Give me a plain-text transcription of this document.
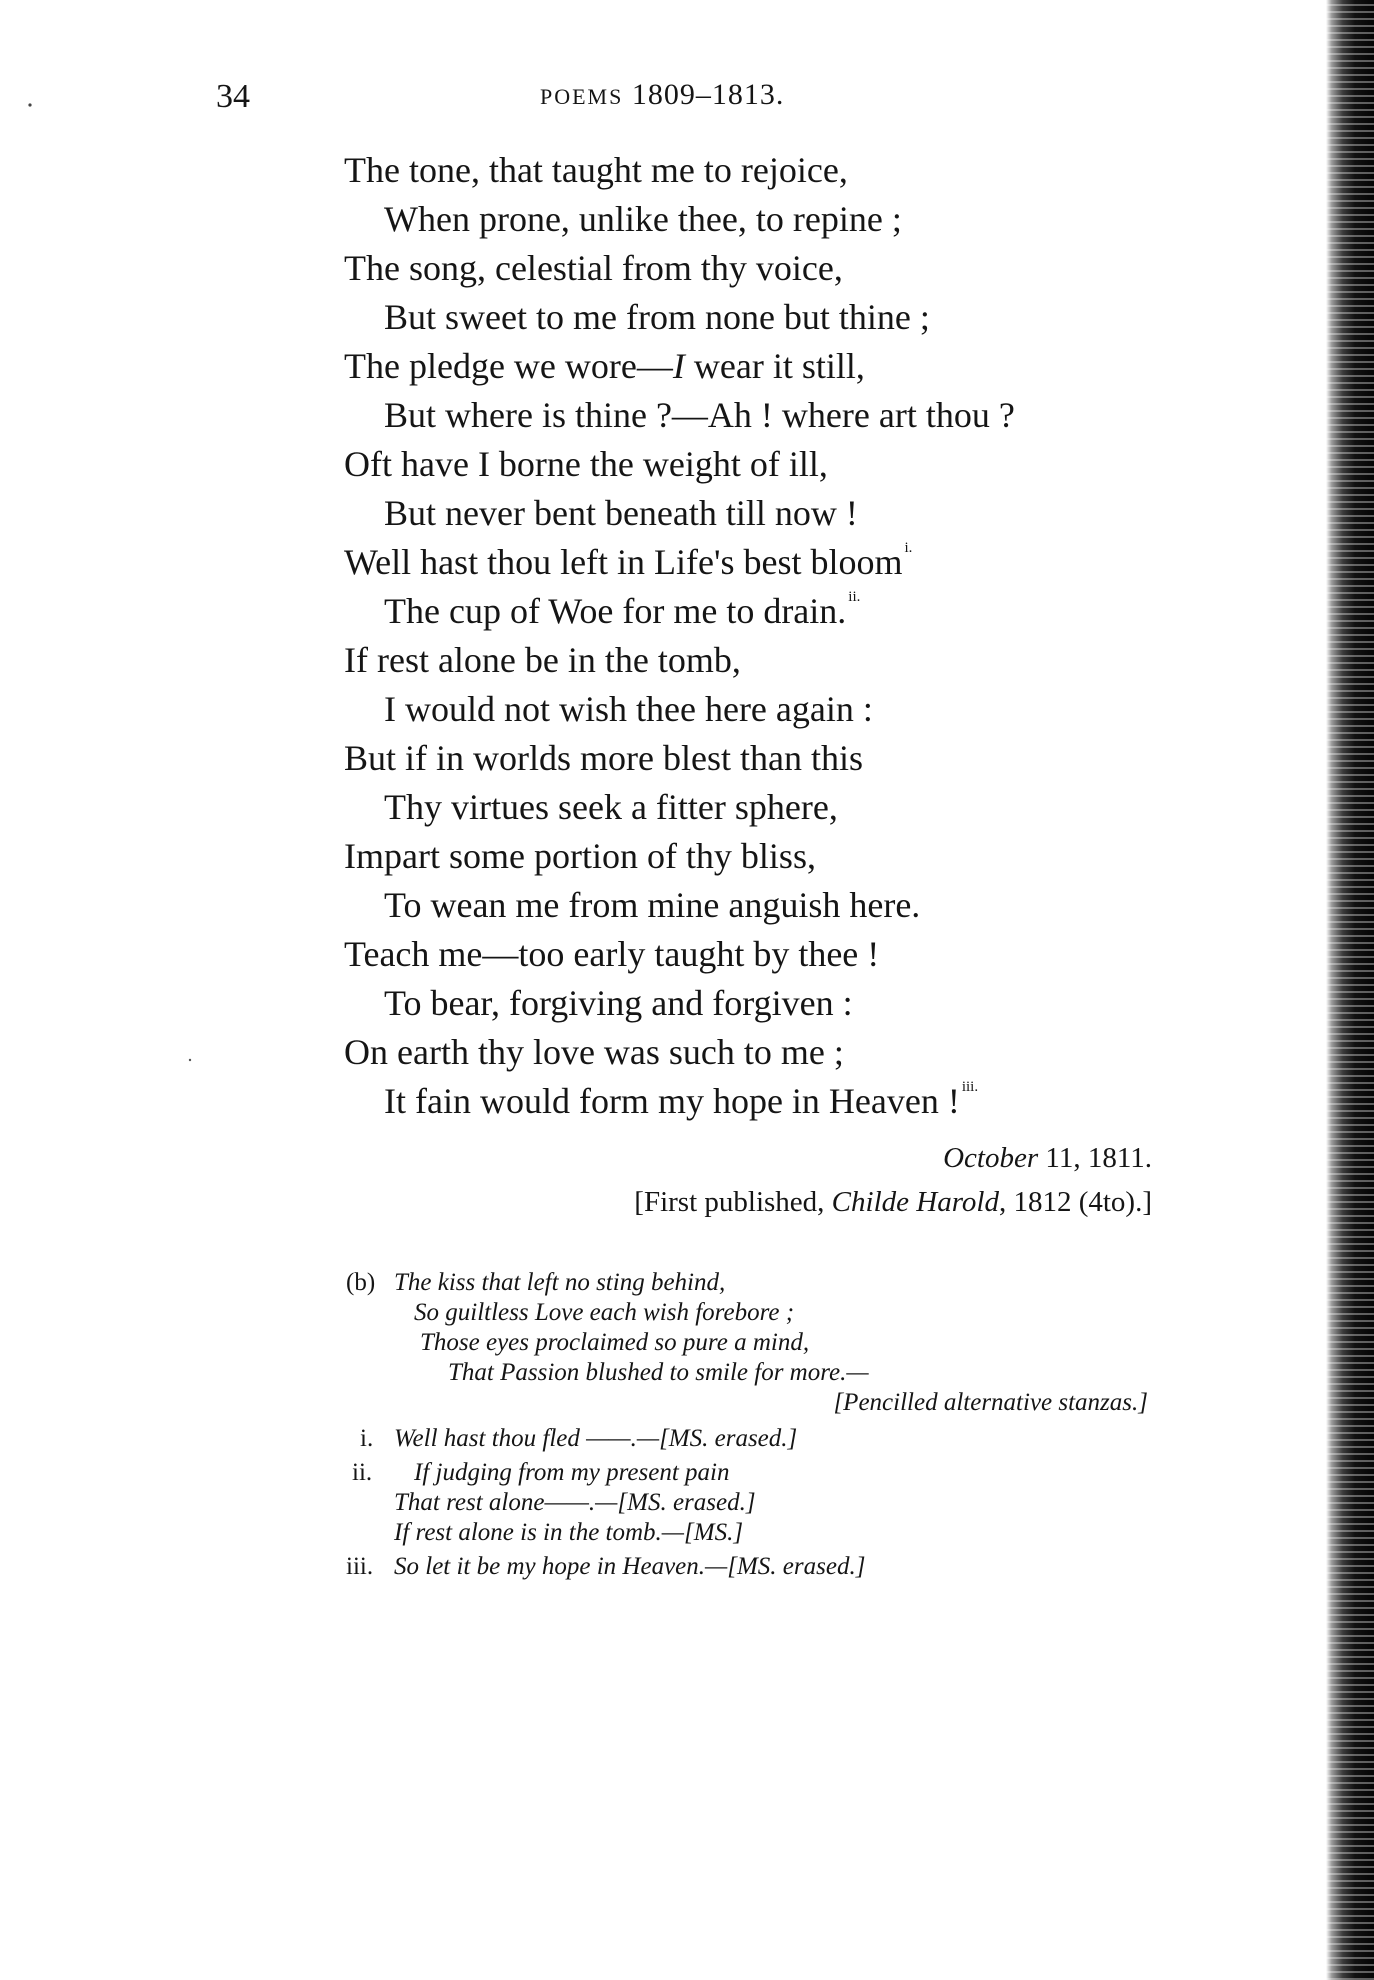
34	POEMS 1809–1813.
The tone, that taught me to rejoice,
When prone, unlike thee, to repine ;
The song, celestial from thy voice,
But sweet to me from none but thine ;
The pledge we wore—I wear it still,
But where is thine ?—Ah ! where art thou ?
Oft have I borne the weight of ill,
But never bent beneath till now !
Well hast thou left in Life's best bloom $^{i.}$
The cup of Woe for me to drain. $^{ii.}$
If rest alone be in the tomb,
I would not wish thee here again :
But if in worlds more blest than this
Thy virtues seek a fitter sphere,
Impart some portion of thy bliss,
To wean me from mine anguish here.
Teach me—too early taught by thee !
To bear, forgiving and forgiven :
On earth thy love was such to me ;
It fain would form my hope in Heaven ! $^{iii.}$
October 11, 1811.
[First published, Childe Harold, 1812 (4to).]
(b) The kiss that left no sting behind,
So guiltless Love each wish forebore ;
Those eyes proclaimed so pure a mind,
That Passion blushed to smile for more.—
[Pencilled alternative stanzas.]
i. Well hast thou fled ——.—[MS. erased.]
ii. If judging from my present pain
That rest alone——.—[MS. erased.]
If rest alone is in the tomb.—[MS.]
iii. So let it be my hope in Heaven.—[MS. erased.]
